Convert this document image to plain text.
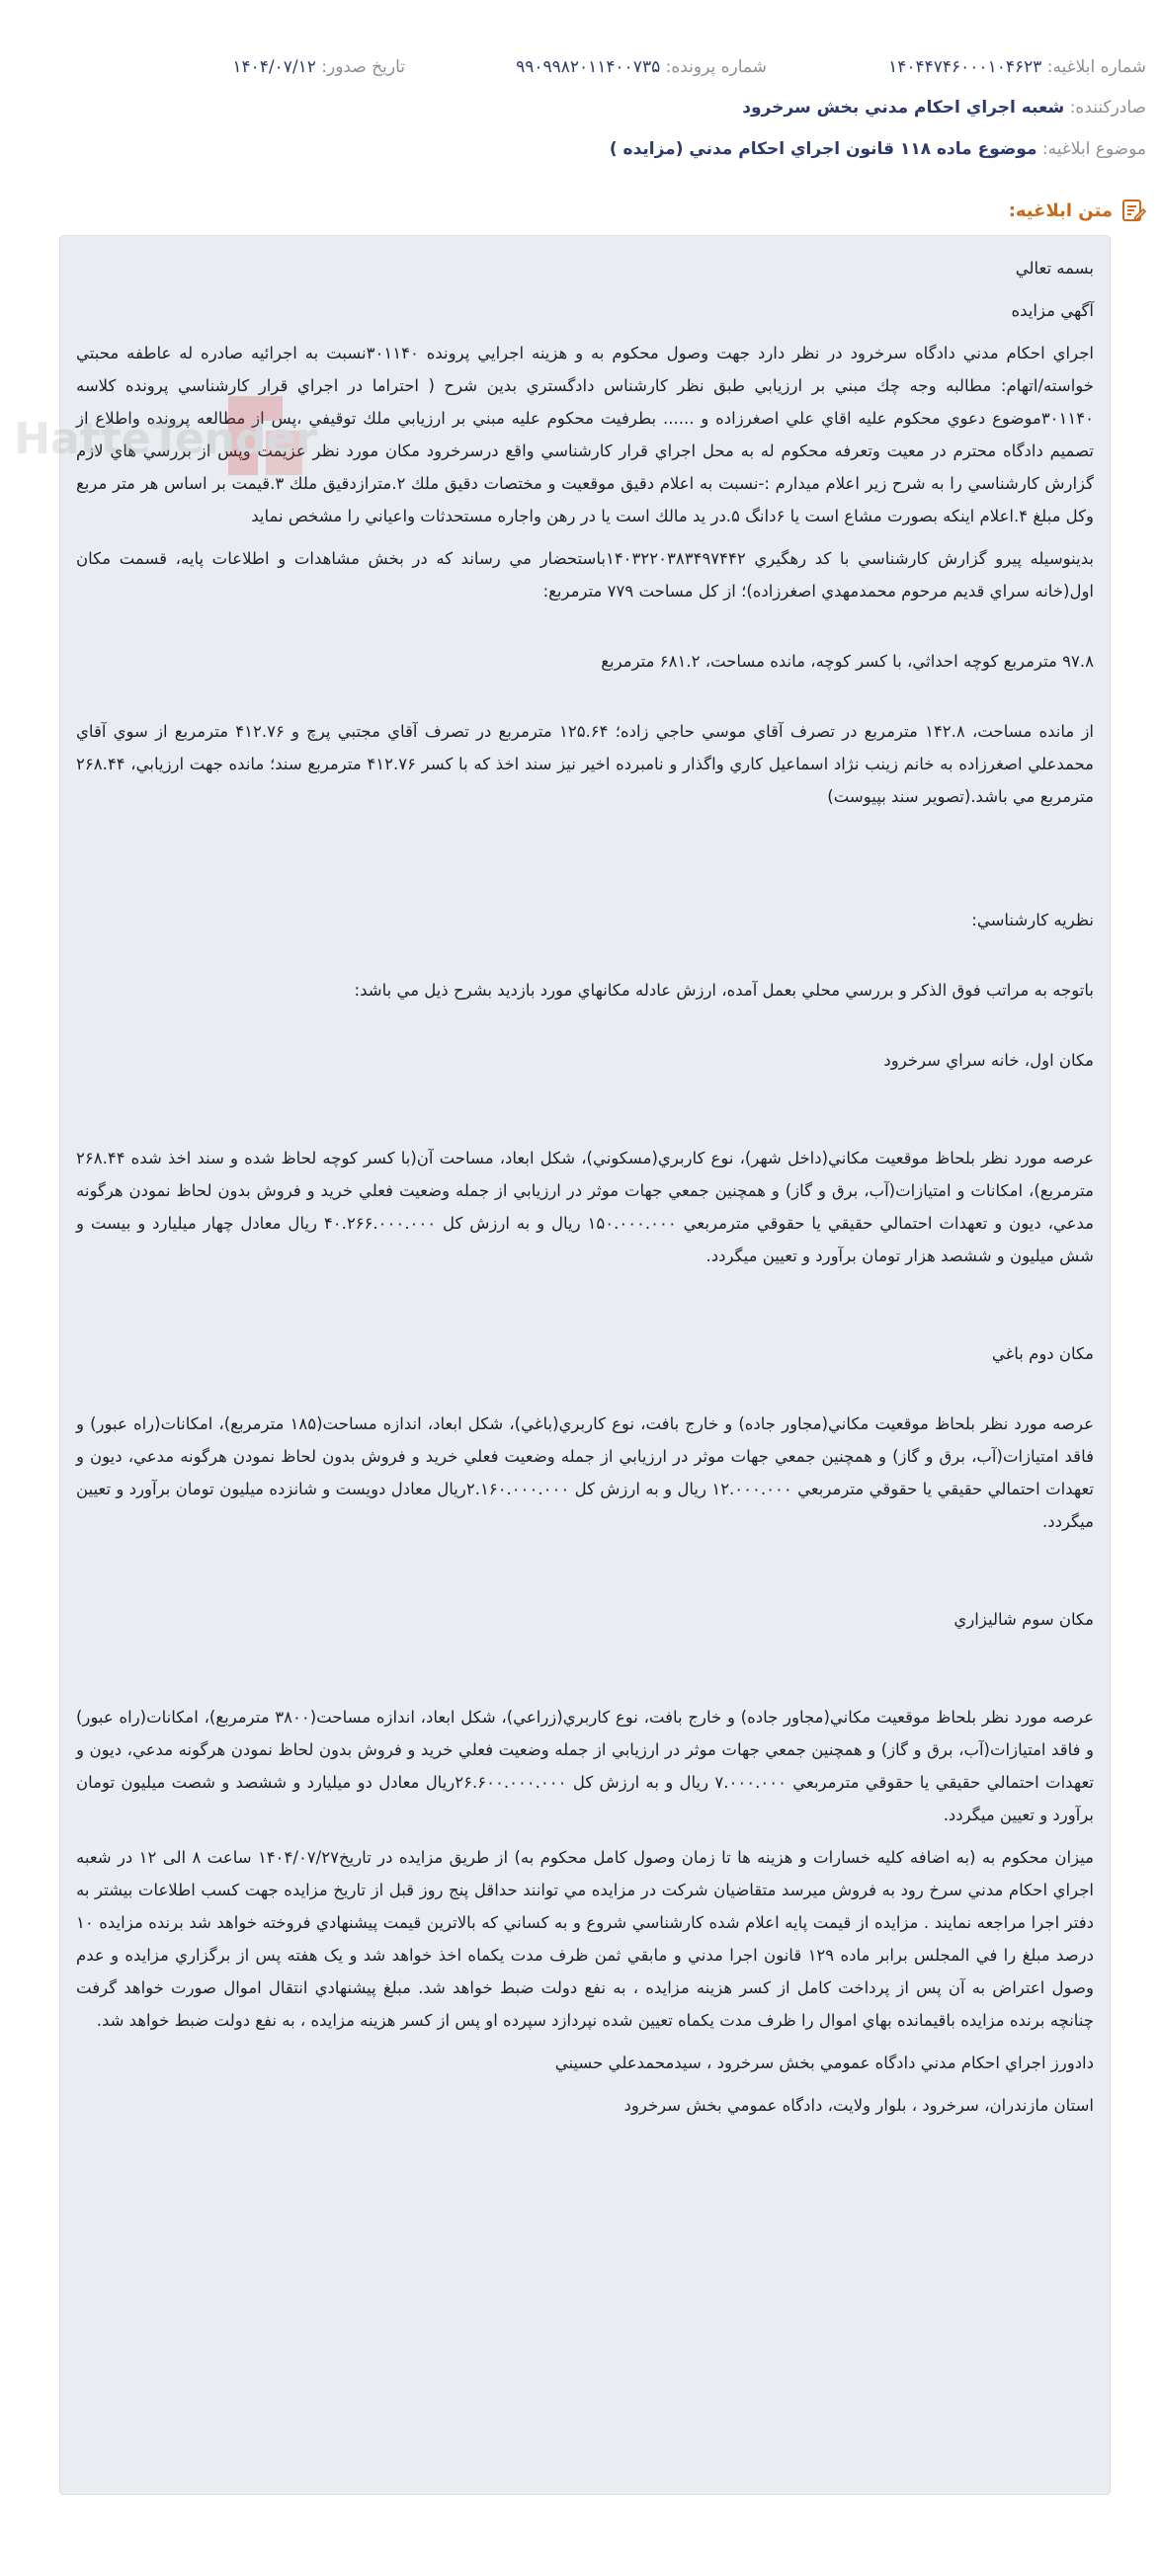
شماره ابلاغيه: ۱۴۰۴۴۷۴۶۰۰۰۱۰۴۶۲۳
شماره پرونده: ۹۹۰۹۹۸۲۰۱۱۴۰۰۷۳۵
تاريخ صدور: ۱۴۰۴/۰۷/۱۲
صادرکننده: شعبه اجراي احکام مدني بخش سرخرود
موضوع ابلاغيه: موضوع ماده ۱۱۸ قانون اجراي احکام مدني (مزايده )
متن ابلاغيه:
HatteTender

بسمه تعالي

آگهي مزايده

اجراي احکام مدني دادگاه سرخرود در نظر دارد جهت وصول محکوم به و هزينه اجرايي پرونده ۳۰۱۱۴۰نسبت به اجرائيه صادره له عاطفه محبتي خواسته/اتهام: مطالبه وجه چك مبني بر ارزيابي طبق نظر کارشناس دادگستري بدين شرح ( احتراما در اجراي قرار کارشناسي پرونده کلاسه ۳۰۱۱۴۰موضوع دعوي محکوم عليه اقاي علي اصغرزاده و ...... بطرفيت محکوم عليه مبني بر ارزيابي ملك توقيفي ،پس از مطالعه پرونده واطلاع از تصميم دادگاه محترم در معيت وتعرفه محکوم له به محل اجراي قرار کارشناسي واقع درسرخرود مکان مورد نظر عزيمت وپس از بررسي هاي لازم گزارش کارشناسي را به شرح زير اعلام ميدارم :-نسبت به اعلام دقيق موقعيت و مختصات دقيق ملك ۲.مترازدقيق ملك ۳.قيمت بر اساس هر متر مربع وکل مبلغ ۴.اعلام اينکه بصورت مشاع است يا ۶دانگ ۵.در يد مالك است يا در رهن واجاره مستحدثات واعياني را مشخص نمايد

بدينوسيله پيرو گزارش کارشناسي با کد رهگيري ۱۴۰۳۲۲۰۳۸۳۴۹۷۴۴۲باستحضار مي رساند که در بخش مشاهدات و اطلاعات پايه، قسمت مکان اول(خانه سراي قديم مرحوم محمدمهدي اصغرزاده)؛ از کل مساحت ۷۷۹ مترمربع:

۹۷.۸ مترمربع کوچه احداثي، با کسر کوچه، مانده مساحت، ۶۸۱.۲ مترمربع

از مانده مساحت، ۱۴۲.۸ مترمربع در تصرف آقاي موسي حاجي زاده؛ ۱۲۵.۶۴ مترمربع در تصرف آقاي مجتبي پرچ و ۴۱۲.۷۶ مترمربع از سوي آقاي محمدعلي اصغرزاده به خانم زينب نژاد اسماعيل کاري واگذار و نامبرده اخير نيز سند اخذ که با کسر ۴۱۲.۷۶ مترمربع سند؛ مانده جهت ارزيابي، ۲۶۸.۴۴ مترمربع مي باشد.(تصوير سند بپيوست)

نظريه کارشناسي:

باتوجه به مراتب فوق الذکر و بررسي محلي بعمل آمده، ارزش عادله مکانهاي مورد بازديد بشرح ذيل مي باشد:

مکان اول، خانه سراي سرخرود

عرصه مورد نظر بلحاظ موقعيت مکاني(داخل شهر)، نوع کاربري(مسکوني)، شکل ابعاد، مساحت آن(با کسر کوچه لحاظ شده و سند اخذ شده ۲۶۸.۴۴ مترمربع)، امکانات و امتيازات(آب، برق و گاز) و همچنين جمعي جهات موثر در ارزيابي از جمله وضعيت فعلي خريد و فروش بدون لحاظ نمودن هرگونه مدعي، ديون و تعهدات احتمالي حقيقي يا حقوقي مترمربعي ۱۵۰.۰۰۰.۰۰۰ ريال و به ارزش کل ۴۰.۲۶۶.۰۰۰.۰۰۰ ريال معادل چهار ميليارد و بيست و شش ميليون و ششصد هزار تومان برآورد و تعيين ميگردد.

مکان دوم باغي

عرصه مورد نظر بلحاظ موقعيت مکاني(مجاور جاده) و خارج بافت، نوع کاربري(باغي)، شکل ابعاد، اندازه مساحت(۱۸۵ مترمربع)، امکانات(راه عبور) و فاقد امتيازات(آب، برق و گاز) و همچنين جمعي جهات موثر در ارزيابي از جمله وضعيت فعلي خريد و فروش بدون لحاظ نمودن هرگونه مدعي، ديون و تعهدات احتمالي حقيقي يا حقوقي مترمربعي ۱۲.۰۰۰.۰۰۰ ريال و به ارزش کل ۲.۱۶۰.۰۰۰.۰۰۰ريال معادل دويست و شانزده ميليون تومان برآورد و تعيين ميگردد.

مکان سوم شاليزاري

عرصه مورد نظر بلحاظ موقعيت مکاني(مجاور جاده) و خارج بافت، نوع کاربري(زراعي)، شکل ابعاد، اندازه مساحت(۳۸۰۰ مترمربع)، امکانات(راه عبور) و فاقد امتيازات(آب، برق و گاز) و همچنين جمعي جهات موثر در ارزيابي از جمله وضعيت فعلي خريد و فروش بدون لحاظ نمودن هرگونه مدعي، ديون و تعهدات احتمالي حقيقي يا حقوقي مترمربعي ۷.۰۰۰.۰۰۰ ريال و به ارزش کل ۲۶.۶۰۰.۰۰۰.۰۰۰ريال معادل دو ميليارد و ششصد و شصت ميليون تومان برآورد و تعيين ميگردد.

ميزان محکوم به (به اضافه کليه خسارات و هزينه ها تا زمان وصول کامل محکوم به) از طريق مزايده در تاريخ۱۴۰۴/۰۷/۲۷ ساعت ۸ الی ۱۲ در شعبه اجراي احکام مدني سرخ رود به فروش ميرسد متقاضيان شرکت در مزايده مي توانند حداقل پنج روز قبل از تاريخ مزايده جهت کسب اطلاعات بيشتر به دفتر اجرا مراجعه نمايند . مزايده از قيمت پايه اعلام شده کارشناسي شروع و به کساني که بالاترين قيمت پيشنهادي فروخته خواهد شد برنده مزايده ۱۰ درصد مبلغ را في المجلس برابر ماده ۱۲۹ قانون اجرا مدني و مابقي ثمن ظرف مدت يکماه اخذ خواهد شد و يک هفته پس از برگزاري مزايده و عدم وصول اعتراض به آن پس از پرداخت کامل از کسر هزينه مزايده ، به نفع دولت ضبط خواهد شد. مبلغ پيشنهادي انتقال اموال صورت خواهد گرفت چنانچه برنده مزايده باقيمانده بهاي اموال را ظرف مدت يکماه تعيين شده نپردازد سپرده او پس از کسر هزينه مزايده ، به نفع دولت ضبط خواهد شد.

دادورز اجراي احکام مدني دادگاه عمومي بخش سرخرود ، سيدمحمدعلي حسيني

استان مازندران، سرخرود ، بلوار ولايت، دادگاه عمومي بخش سرخرود
